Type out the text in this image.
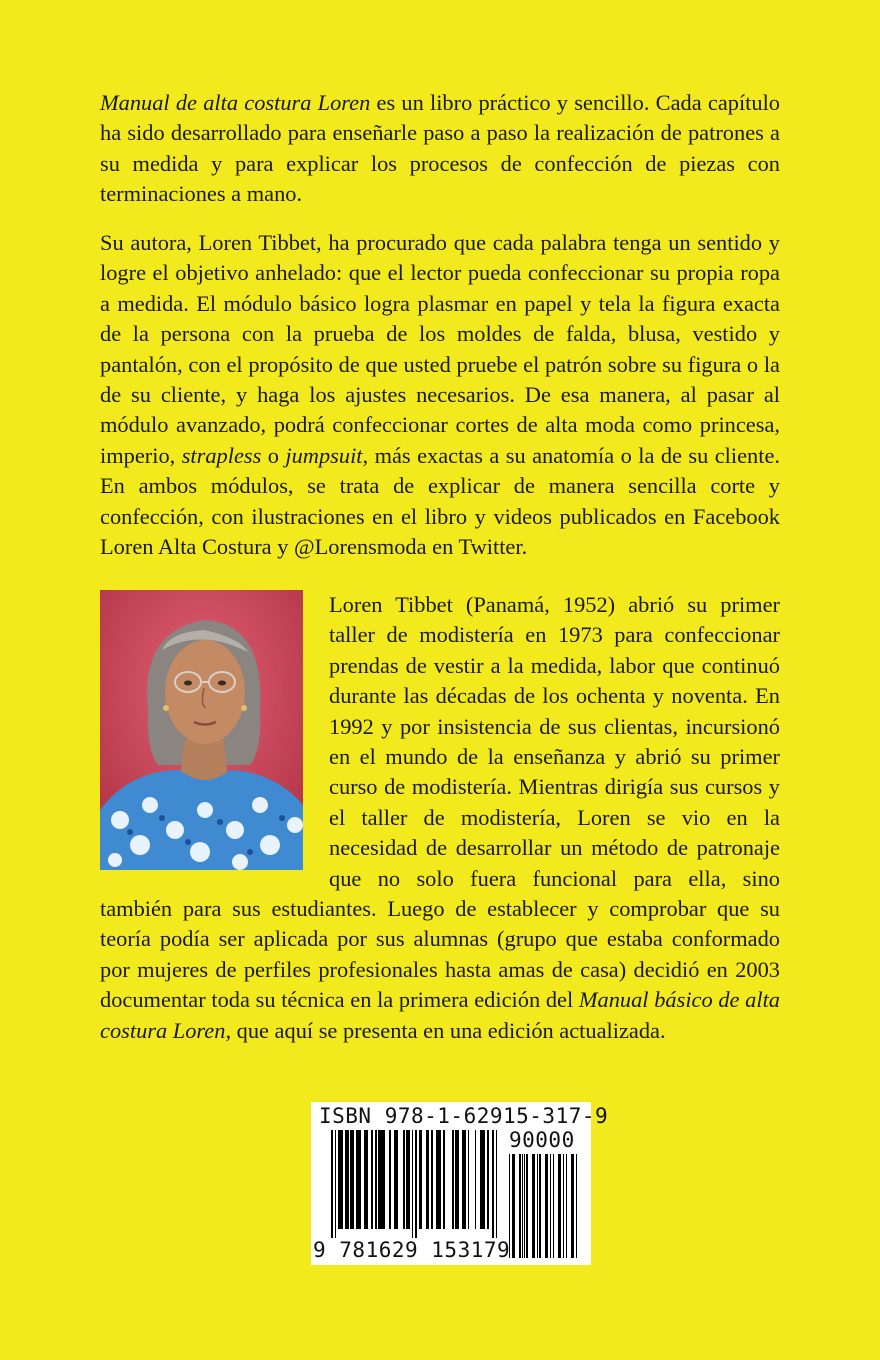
Manual de alta costura Loren es un libro práctico y sencillo. Cada capítulo ha sido desarrollado para enseñarle paso a paso la realización de patrones a su medida y para explicar los procesos de confección de piezas con terminaciones a mano.

Su autora, Loren Tibbet, ha procurado que cada palabra tenga un sentido y logre el objetivo anhelado: que el lector pueda confeccionar su propia ropa a medida. El módulo básico logra plasmar en papel y tela la figura exacta de la persona con la prueba de los moldes de falda, blusa, vestido y pantalón, con el propósito de que usted pruebe el patrón sobre su figura o la de su cliente, y haga los ajustes necesarios. De esa manera, al pasar al módulo avanzado, podrá confeccionar cortes de alta moda como princesa, imperio, strapless o jumpsuit, más exactas a su anatomía o la de su cliente. En ambos módulos, se trata de explicar de manera sencilla corte y confección, con ilustraciones en el libro y videos publicados en Facebook Loren Alta Costura y @Lorensmoda en Twitter.

Loren Tibbet (Panamá, 1952) abrió su primer taller de modistería en 1973 para confeccionar prendas de vestir a la medida, labor que continuó durante las décadas de los ochenta y noventa. En 1992 y por insistencia de sus clientas, incursionó en el mundo de la enseñanza y abrió su primer curso de modistería. Mientras dirigía sus cursos y el taller de modistería, Loren se vio en la necesidad de desarrollar un método de patronaje que no solo fuera funcional para ella, sino también para sus estudiantes. Luego de establecer y comprobar que su teoría podía ser aplicada por sus alumnas (grupo que estaba conformado por mujeres de perfiles profesionales hasta amas de casa) decidió en 2003 documentar toda su técnica en la primera edición del Manual básico de alta costura Loren, que aquí se presenta en una edición actualizada.

ISBN 978-1-62915-317-9
90000
9 781629 153179
